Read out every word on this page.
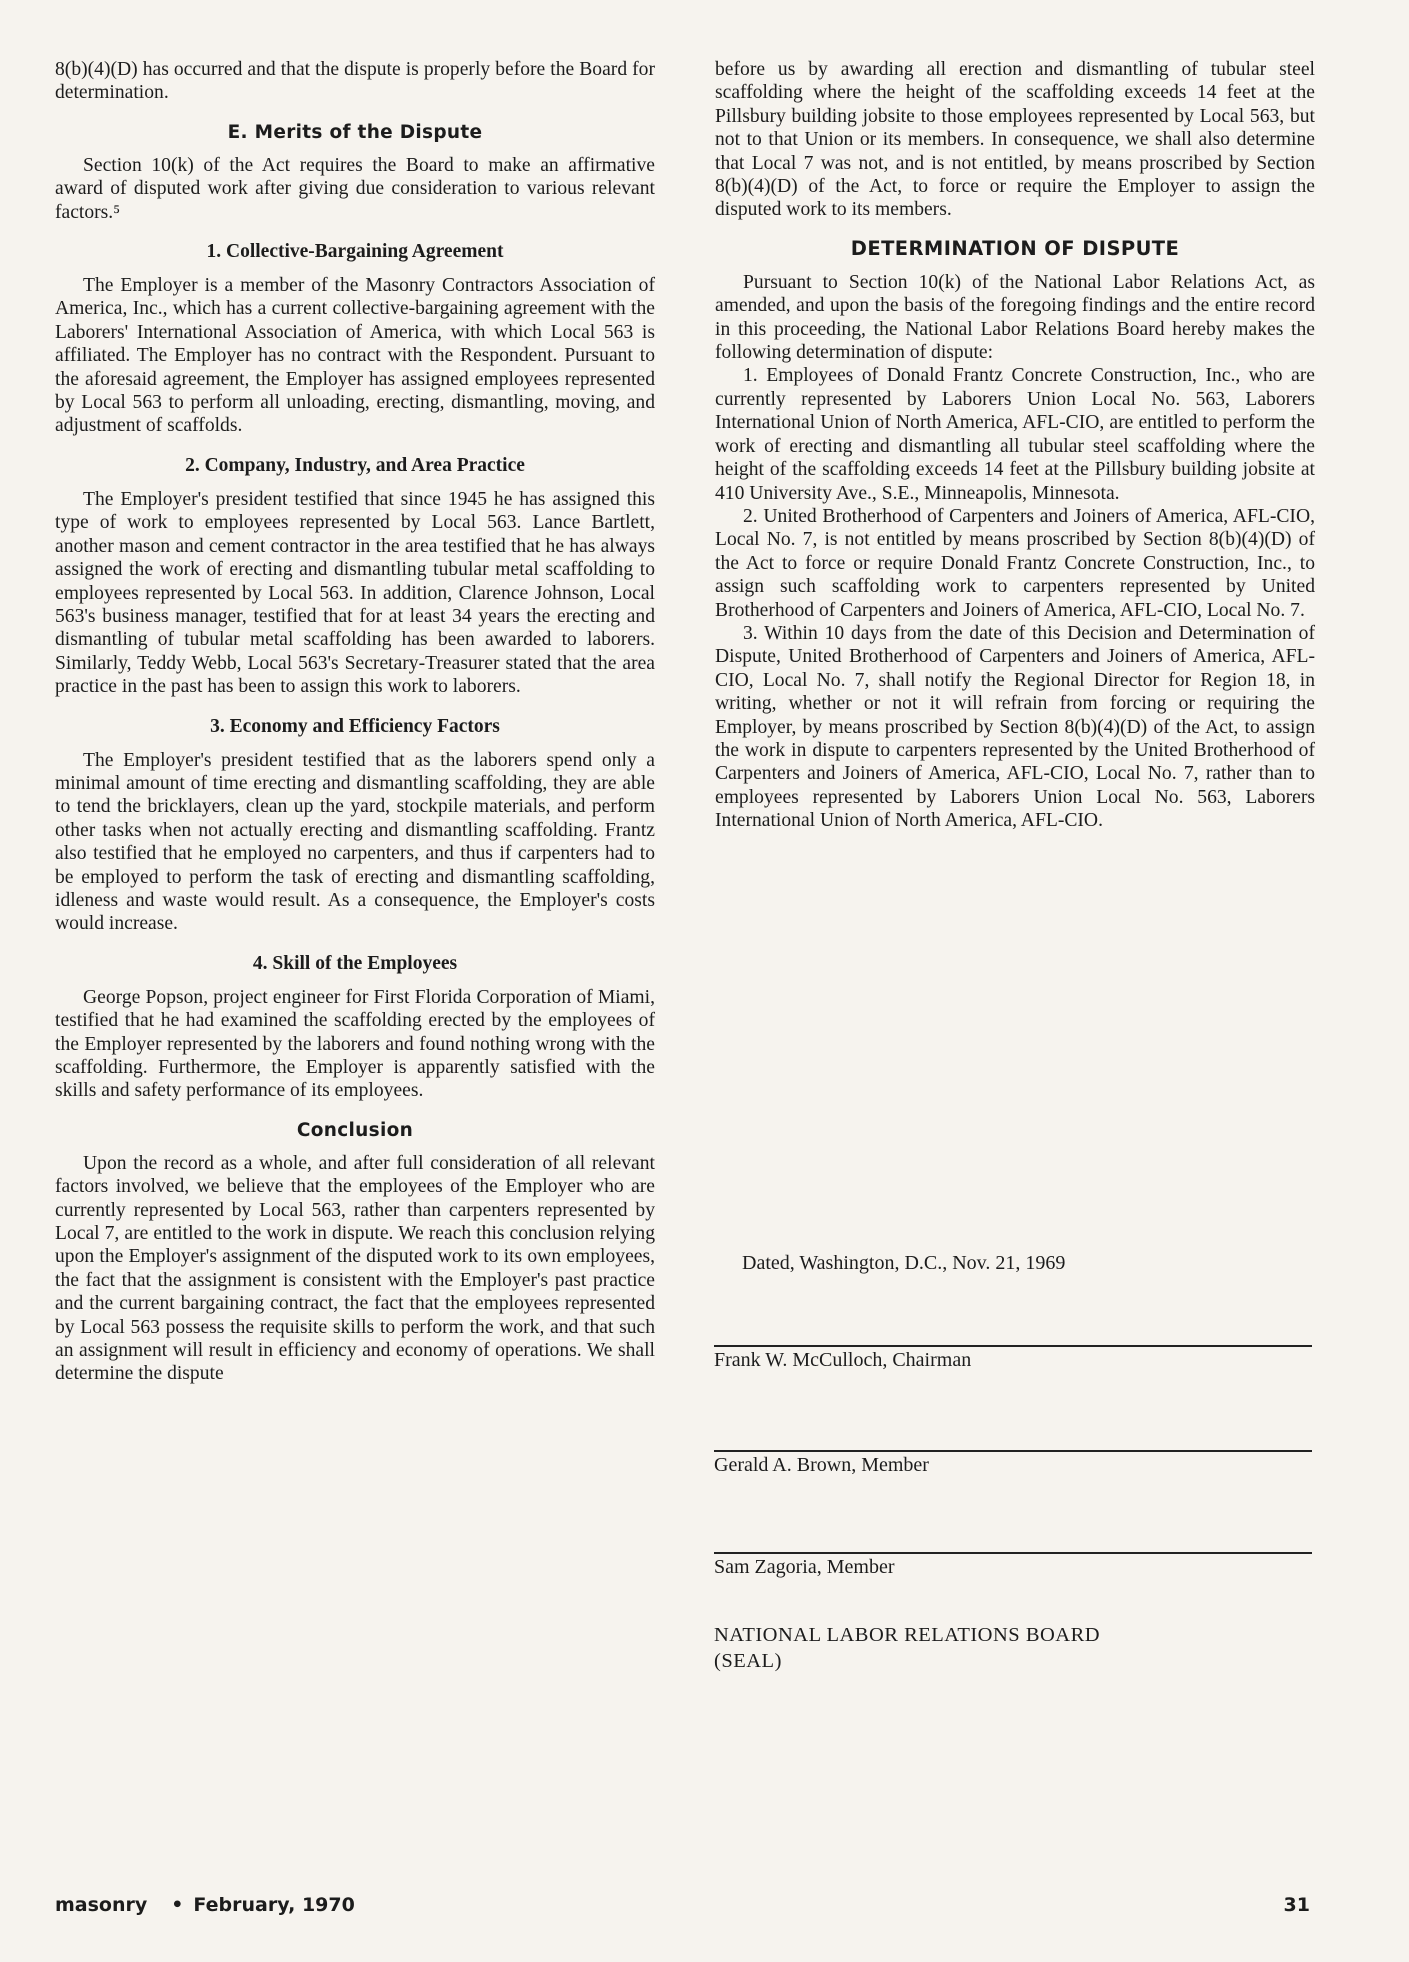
8(b)(4)(D) has occurred and that the dispute is properly before the Board for determination.

E. Merits of the Dispute

Section 10(k) of the Act requires the Board to make an affirmative award of disputed work after giving due consideration to various relevant factors.⁵

1. Collective-Bargaining Agreement

The Employer is a member of the Masonry Contractors Association of America, Inc., which has a current collective-bargaining agreement with the Laborers' International Association of America, with which Local 563 is affiliated. The Employer has no contract with the Respondent. Pursuant to the aforesaid agreement, the Employer has assigned employees represented by Local 563 to perform all unloading, erecting, dismantling, moving, and adjustment of scaffolds.

2. Company, Industry, and Area Practice

The Employer's president testified that since 1945 he has assigned this type of work to employees represented by Local 563. Lance Bartlett, another mason and cement contractor in the area testified that he has always assigned the work of erecting and dismantling tubular metal scaffolding to employees represented by Local 563. In addition, Clarence Johnson, Local 563's business manager, testified that for at least 34 years the erecting and dismantling of tubular metal scaffolding has been awarded to laborers. Similarly, Teddy Webb, Local 563's Secretary-Treasurer stated that the area practice in the past has been to assign this work to laborers.

3. Economy and Efficiency Factors

The Employer's president testified that as the laborers spend only a minimal amount of time erecting and dismantling scaffolding, they are able to tend the bricklayers, clean up the yard, stockpile materials, and perform other tasks when not actually erecting and dismantling scaffolding. Frantz also testified that he employed no carpenters, and thus if carpenters had to be employed to perform the task of erecting and dismantling scaffolding, idleness and waste would result. As a consequence, the Employer's costs would increase.

4. Skill of the Employees

George Popson, project engineer for First Florida Corporation of Miami, testified that he had examined the scaffolding erected by the employees of the Employer represented by the laborers and found nothing wrong with the scaffolding. Furthermore, the Employer is apparently satisfied with the skills and safety performance of its employees.

Conclusion

Upon the record as a whole, and after full consideration of all relevant factors involved, we believe that the employees of the Employer who are currently represented by Local 563, rather than carpenters represented by Local 7, are entitled to the work in dispute. We reach this conclusion relying upon the Employer's assignment of the disputed work to its own employees, the fact that the assignment is consistent with the Employer's past practice and the current bargaining contract, the fact that the employees represented by Local 563 possess the requisite skills to perform the work, and that such an assignment will result in efficiency and economy of operations. We shall determine the dispute

before us by awarding all erection and dismantling of tubular steel scaffolding where the height of the scaffolding exceeds 14 feet at the Pillsbury building jobsite to those employees represented by Local 563, but not to that Union or its members. In consequence, we shall also determine that Local 7 was not, and is not entitled, by means proscribed by Section 8(b)(4)(D) of the Act, to force or require the Employer to assign the disputed work to its members.

DETERMINATION OF DISPUTE

Pursuant to Section 10(k) of the National Labor Relations Act, as amended, and upon the basis of the foregoing findings and the entire record in this proceeding, the National Labor Relations Board hereby makes the following determination of dispute:

1. Employees of Donald Frantz Concrete Construction, Inc., who are currently represented by Laborers Union Local No. 563, Laborers International Union of North America, AFL-CIO, are entitled to perform the work of erecting and dismantling all tubular steel scaffolding where the height of the scaffolding exceeds 14 feet at the Pillsbury building jobsite at 410 University Ave., S.E., Minneapolis, Minnesota.

2. United Brotherhood of Carpenters and Joiners of America, AFL-CIO, Local No. 7, is not entitled by means proscribed by Section 8(b)(4)(D) of the Act to force or require Donald Frantz Concrete Construction, Inc., to assign such scaffolding work to carpenters represented by United Brotherhood of Carpenters and Joiners of America, AFL-CIO, Local No. 7.

3. Within 10 days from the date of this Decision and Determination of Dispute, United Brotherhood of Carpenters and Joiners of America, AFL-CIO, Local No. 7, shall notify the Regional Director for Region 18, in writing, whether or not it will refrain from forcing or requiring the Employer, by means proscribed by Section 8(b)(4)(D) of the Act, to assign the work in dispute to carpenters represented by the United Brotherhood of Carpenters and Joiners of America, AFL-CIO, Local No. 7, rather than to employees represented by Laborers Union Local No. 563, Laborers International Union of North America, AFL-CIO.

Dated, Washington, D.C., Nov. 21, 1969
Frank W. McCulloch, Chairman
Gerald A. Brown, Member
Sam Zagoria, Member
NATIONAL LABOR RELATIONS BOARD
(SEAL)
masonry • February, 1970	31
